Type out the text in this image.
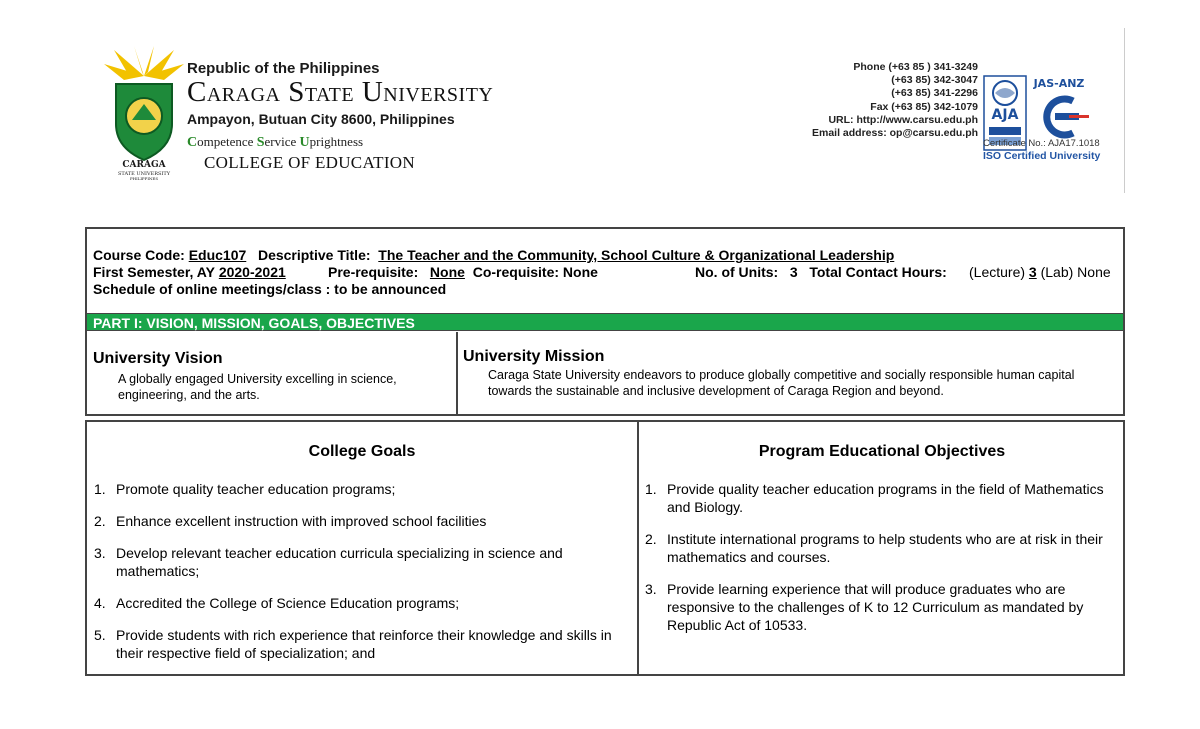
CARAGA
STATE UNIVERSITY
PHILIPPINES
Republic of the Philippines
Caraga State University
Ampayon, Butuan City 8600, Philippines
Competence Service Uprightness
COLLEGE OF EDUCATION
Phone (+63 85 ) 341-3249
(+63 85) 342-3047
(+63 85) 341-2296
Fax (+63 85) 342-1079
URL: http://www.carsu.edu.ph
Email address: op@carsu.edu.ph
AJA
JAS-ANZ
Certificate No.: AJA17.1018
ISO Certified University
Course Code: Educ107 Descriptive Title: The Teacher and the Community, School Culture & Organizational Leadership
First Semester, AY 2020-2021	Pre-requisite: None Co-requisite: None	No. of Units: 3 Total Contact Hours: (Lecture) 3 (Lab) None
Schedule of online meetings/class : to be announced
PART I: VISION, MISSION, GOALS, OBJECTIVES
University Vision
A globally engaged University excelling in science, engineering, and the arts.
University Mission
Caraga State University endeavors to produce globally competitive and socially responsible human capital towards the sustainable and inclusive development of Caraga Region and beyond.
College Goals
1. Promote quality teacher education programs;
2. Enhance excellent instruction with improved school facilities
3. Develop relevant teacher education curricula specializing in science and mathematics;
4. Accredited the College of Science Education programs;
5. Provide students with rich experience that reinforce their knowledge and skills in their respective field of specialization; and
Program Educational Objectives
1. Provide quality teacher education programs in the field of Mathematics and Biology.
2. Institute international programs to help students who are at risk in their mathematics and courses.
3. Provide learning experience that will produce graduates who are responsive to the challenges of K to 12 Curriculum as mandated by Republic Act of 10533.
